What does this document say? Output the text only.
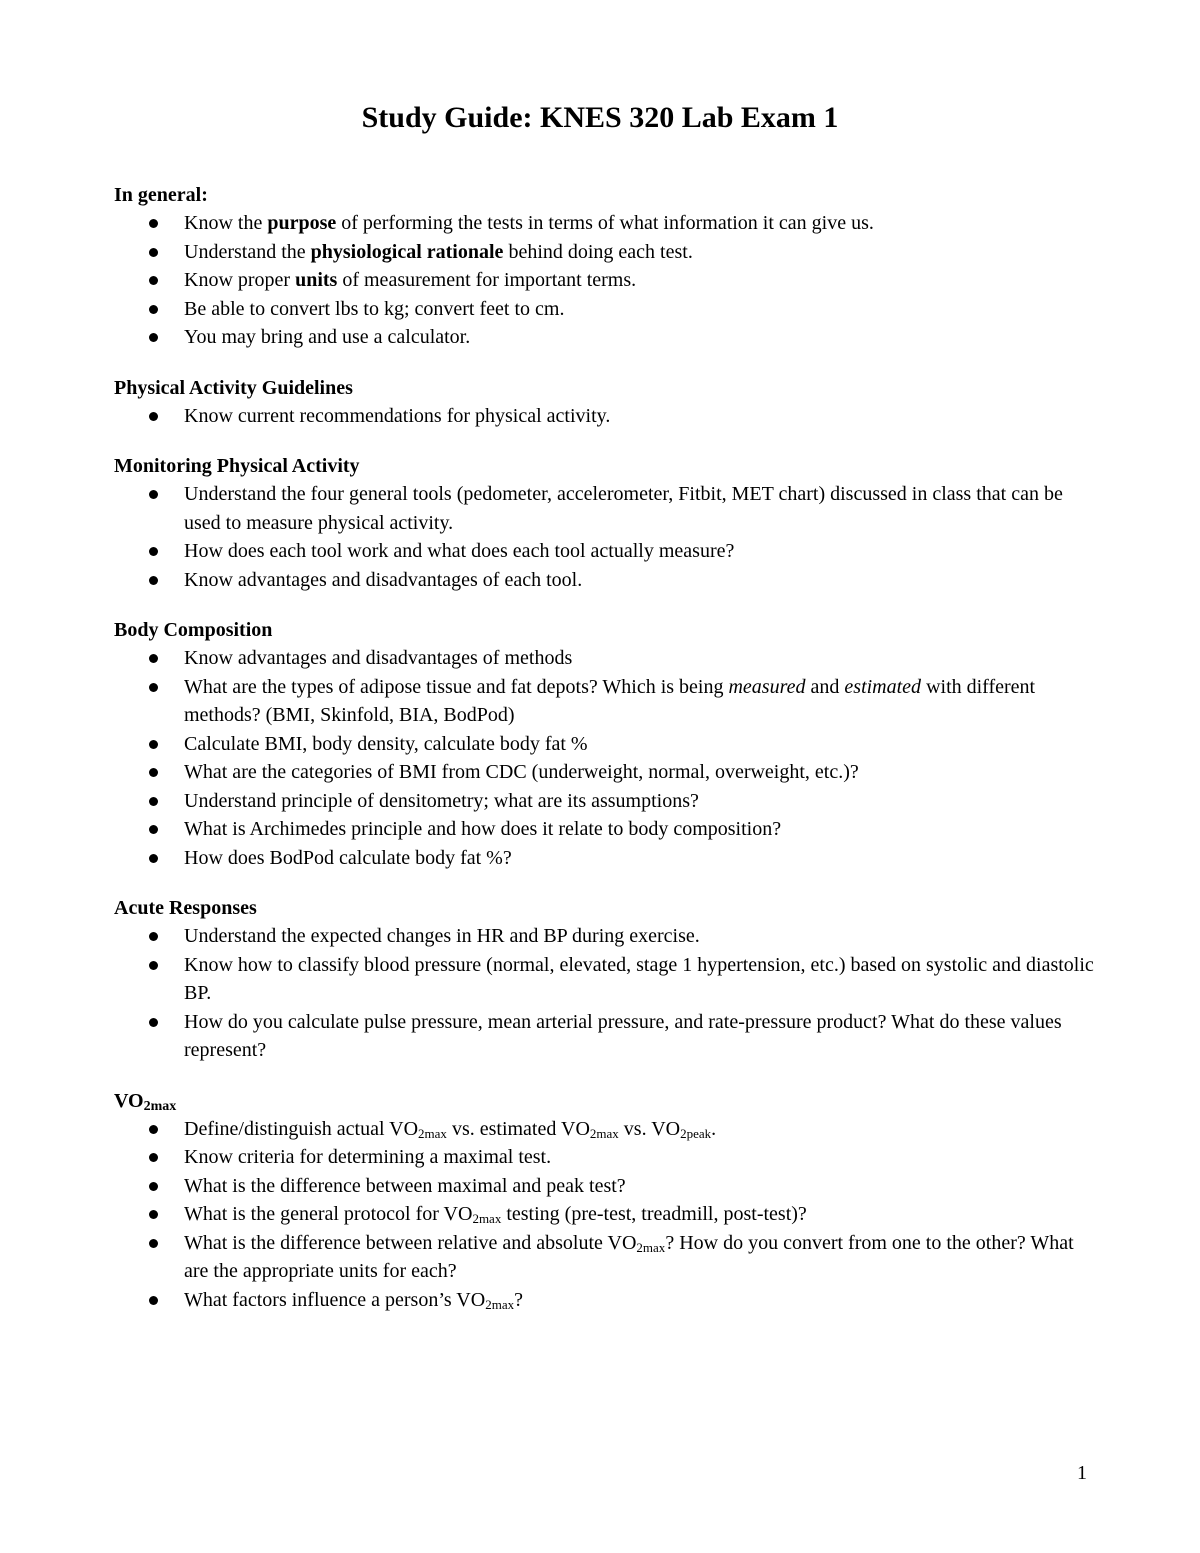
Study Guide: KNES 320 Lab Exam 1

In general:

Know the purpose of performing the tests in terms of what information it can give us.
Understand the physiological rationale behind doing each test.
Know proper units of measurement for important terms.
Be able to convert lbs to kg; convert feet to cm.
You may bring and use a calculator.

Physical Activity Guidelines

Know current recommendations for physical activity.

Monitoring Physical Activity

Understand the four general tools (pedometer, accelerometer, Fitbit, MET chart) discussed in class that can be used to measure physical activity.
How does each tool work and what does each tool actually measure?
Know advantages and disadvantages of each tool.

Body Composition

Know advantages and disadvantages of methods
What are the types of adipose tissue and fat depots? Which is being measured and estimated with different methods? (BMI, Skinfold, BIA, BodPod)
Calculate BMI, body density, calculate body fat %
What are the categories of BMI from CDC (underweight, normal, overweight, etc.)?
Understand principle of densitometry; what are its assumptions?
What is Archimedes principle and how does it relate to body composition?
How does BodPod calculate body fat %?

Acute Responses

Understand the expected changes in HR and BP during exercise.
Know how to classify blood pressure (normal, elevated, stage 1 hypertension, etc.) based on systolic and diastolic BP.
How do you calculate pulse pressure, mean arterial pressure, and rate-pressure product? What do these values represent?

$VO_{2max}$

Define/distinguish actual $VO_{2max}$ vs. estimated $VO_{2max}$ vs. $VO_{2peak}$.
Know criteria for determining a maximal test.
What is the difference between maximal and peak test?
What is the general protocol for $VO_{2max}$ testing (pre-test, treadmill, post-test)?
What is the difference between relative and absolute $VO_{2max}$? How do you convert from one to the other? What are the appropriate units for each?
What factors influence a person’s $VO_{2max}$?
1
